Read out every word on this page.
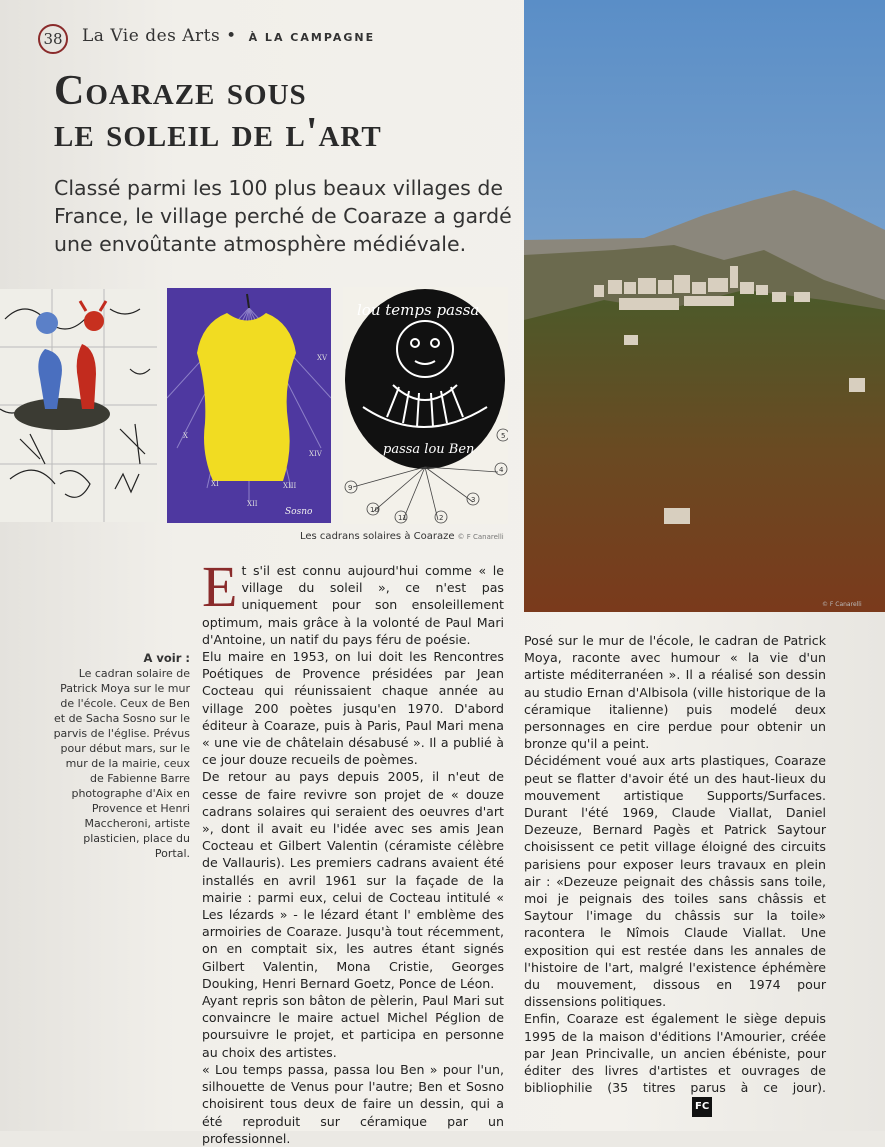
38	La Vie des Arts • À LA CAMPAGNE
Coaraze sous
le soleil de l'art
Classé parmi les 100 plus beaux villages de France, le village perché de Coaraze a gardé une envoûtante atmosphère médiévale.
X
XI
XII
XIII
XIV
XV
Sosno
lou temps passa
passa lou Ben
9
10
11	2
3
4
5
Les cadrans solaires à Coaraze © F Canarelli
© F Canarelli
A voir :
Le cadran solaire de Patrick Moya sur le mur de l'école. Ceux de Ben et de Sacha Sosno sur le parvis de l'église. Prévus pour début mars, sur le mur de la mairie, ceux de Fabienne Barre photographe d'Aix en Provence et Henri Maccheroni, artiste plasticien, place du Portal.

Et s'il est connu aujourd'hui comme « le village du soleil », ce n'est pas uniquement pour son ensoleillement optimum, mais grâce à la volonté de Paul Mari d'Antoine, un natif du pays féru de poésie.

Elu maire en 1953, on lui doit les Rencontres Poétiques de Provence présidées par Jean Cocteau qui réunissaient chaque année au village 200 poètes jusqu'en 1970. D'abord éditeur à Coaraze, puis à Paris, Paul Mari mena « une vie de châtelain désabusé ». Il a publié à ce jour douze recueils de poèmes.

De retour au pays depuis 2005, il n'eut de cesse de faire revivre son projet de « douze cadrans solaires qui seraient des oeuvres d'art », dont il avait eu l'idée avec ses amis Jean Cocteau et Gilbert Valentin (céramiste célèbre de Vallauris). Les premiers cadrans avaient été installés en avril 1961 sur la façade de la mairie : parmi eux, celui de Cocteau intitulé « Les lézards » - le lézard étant l' emblème des armoiries de Coaraze. Jusqu'à tout récemment, on en comptait six, les autres étant signés Gilbert Valentin, Mona Cristie, Georges Douking, Henri Bernard Goetz, Ponce de Léon.

Ayant repris son bâton de pèlerin, Paul Mari sut convaincre le maire actuel Michel Péglion de poursuivre le projet, et participa en personne au choix des artistes.

« Lou temps passa, passa lou Ben » pour l'un, silhouette de Venus pour l'autre; Ben et Sosno choisirent tous deux de faire un dessin, qui a été reproduit sur céramique par un professionnel.

Posé sur le mur de l'école, le cadran de Patrick Moya, raconte avec humour « la vie d'un artiste méditerranéen ». Il a réalisé son dessin au studio Ernan d'Albisola (ville historique de la céramique italienne) puis modelé deux personnages en cire perdue pour obtenir un bronze qu'il a peint.

Décidément voué aux arts plastiques, Coaraze peut se flatter d'avoir été un des haut-lieux du mouvement artistique Supports/Surfaces. Durant l'été 1969, Claude Viallat, Daniel Dezeuze, Bernard Pagès et Patrick Saytour choisissent ce petit village éloigné des circuits parisiens pour exposer leurs travaux en plein air : «Dezeuze peignait des châssis sans toile, moi je peignais des toiles sans châssis et Saytour l'image du châssis sur la toile» racontera le Nîmois Claude Viallat. Une exposition qui est restée dans les annales de l'histoire de l'art, malgré l'existence éphémère du mouvement, dissous en 1974 pour dissensions politiques.

Enfin, Coaraze est également le siège depuis 1995 de la maison d'éditions l'Amourier, créée par Jean Princivalle, un ancien ébéniste, pour éditer des livres d'artistes et ouvrages de bibliophilie (35 titres parus à ce jour).FC
